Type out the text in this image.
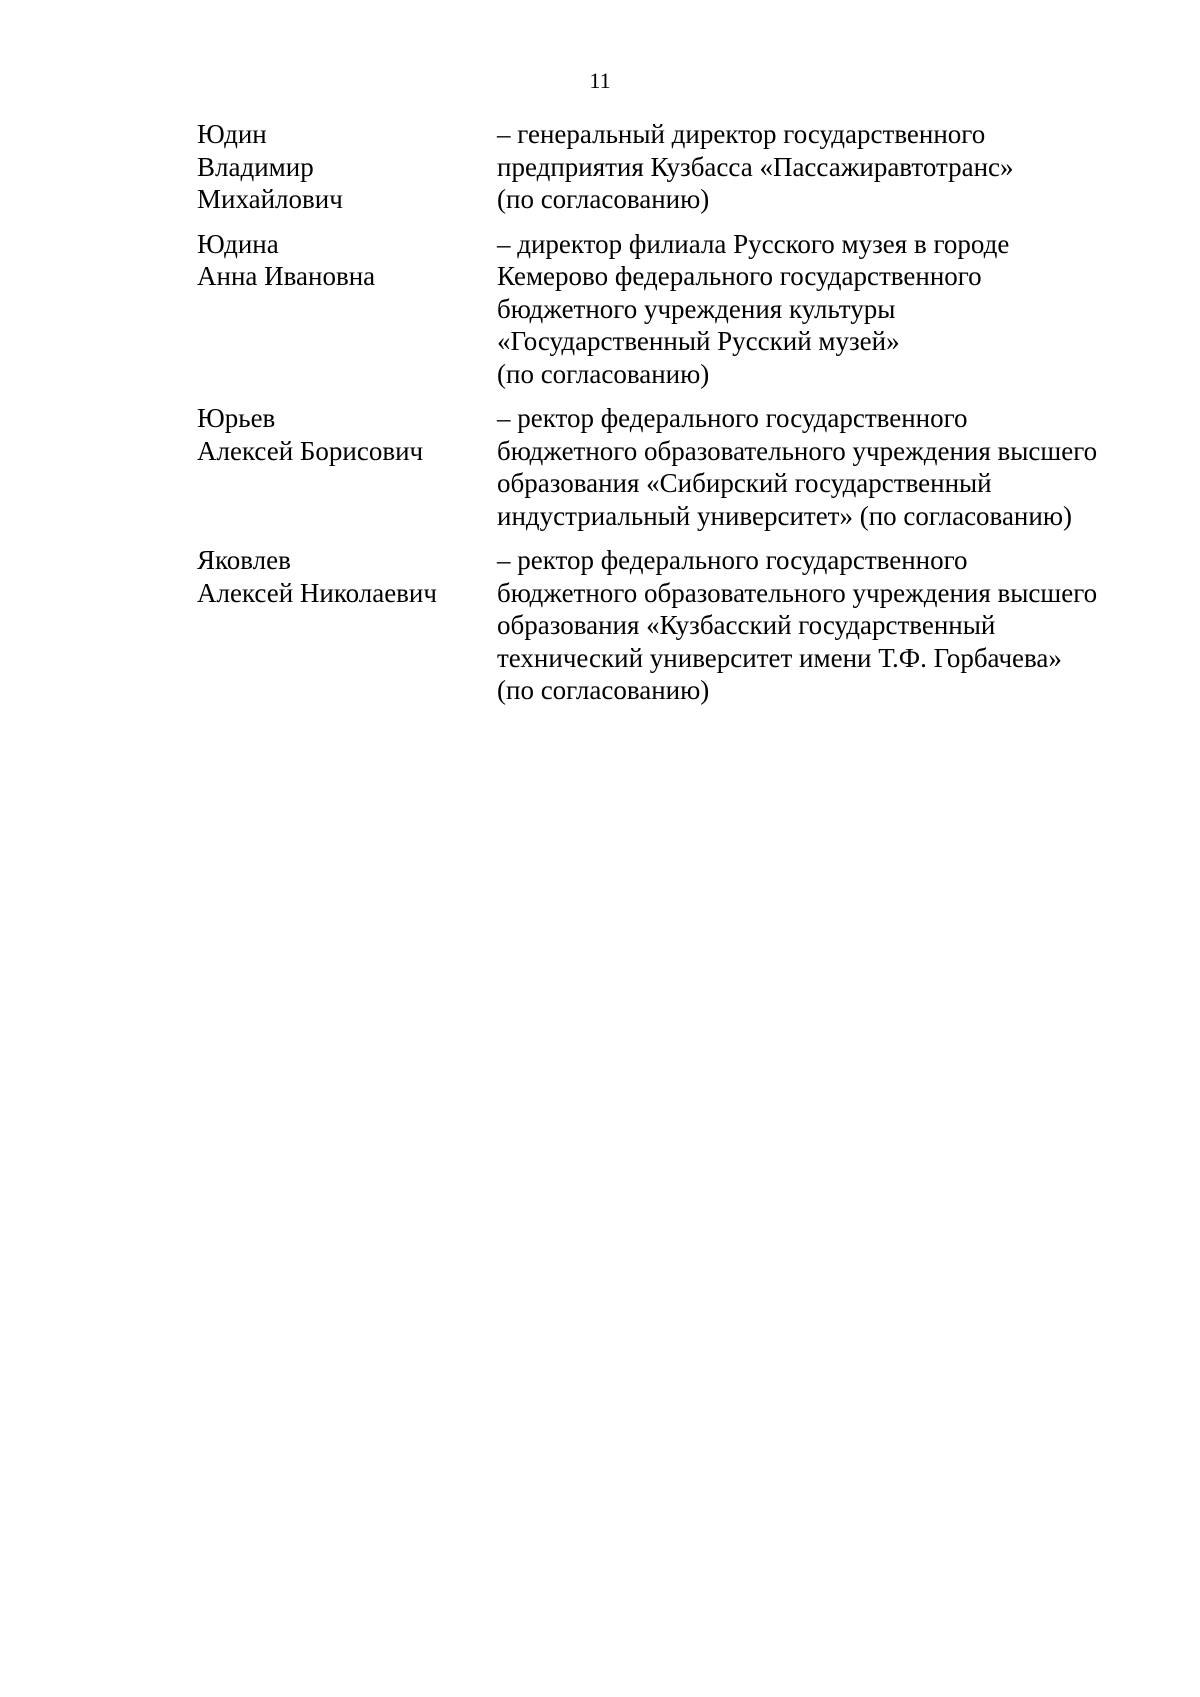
11
Юдин
Владимир
Михайлович
– генеральный директор государственного
предприятия Кузбасса «Пассажиравтотранс»
(по согласованию)
Юдина
Анна Ивановна
– директор филиала Русского музея в городе
Кемерово федерального государственного
бюджетного учреждения культуры
«Государственный Русский музей»
(по согласованию)
Юрьев
Алексей Борисович
– ректор федерального государственного
бюджетного образовательного учреждения высшего
образования «Сибирский государственный
индустриальный университет» (по согласованию)
Яковлев
Алексей Николаевич
– ректор федерального государственного
бюджетного образовательного учреждения высшего
образования «Кузбасский государственный
технический университет имени Т.Ф. Горбачева»
(по согласованию)
